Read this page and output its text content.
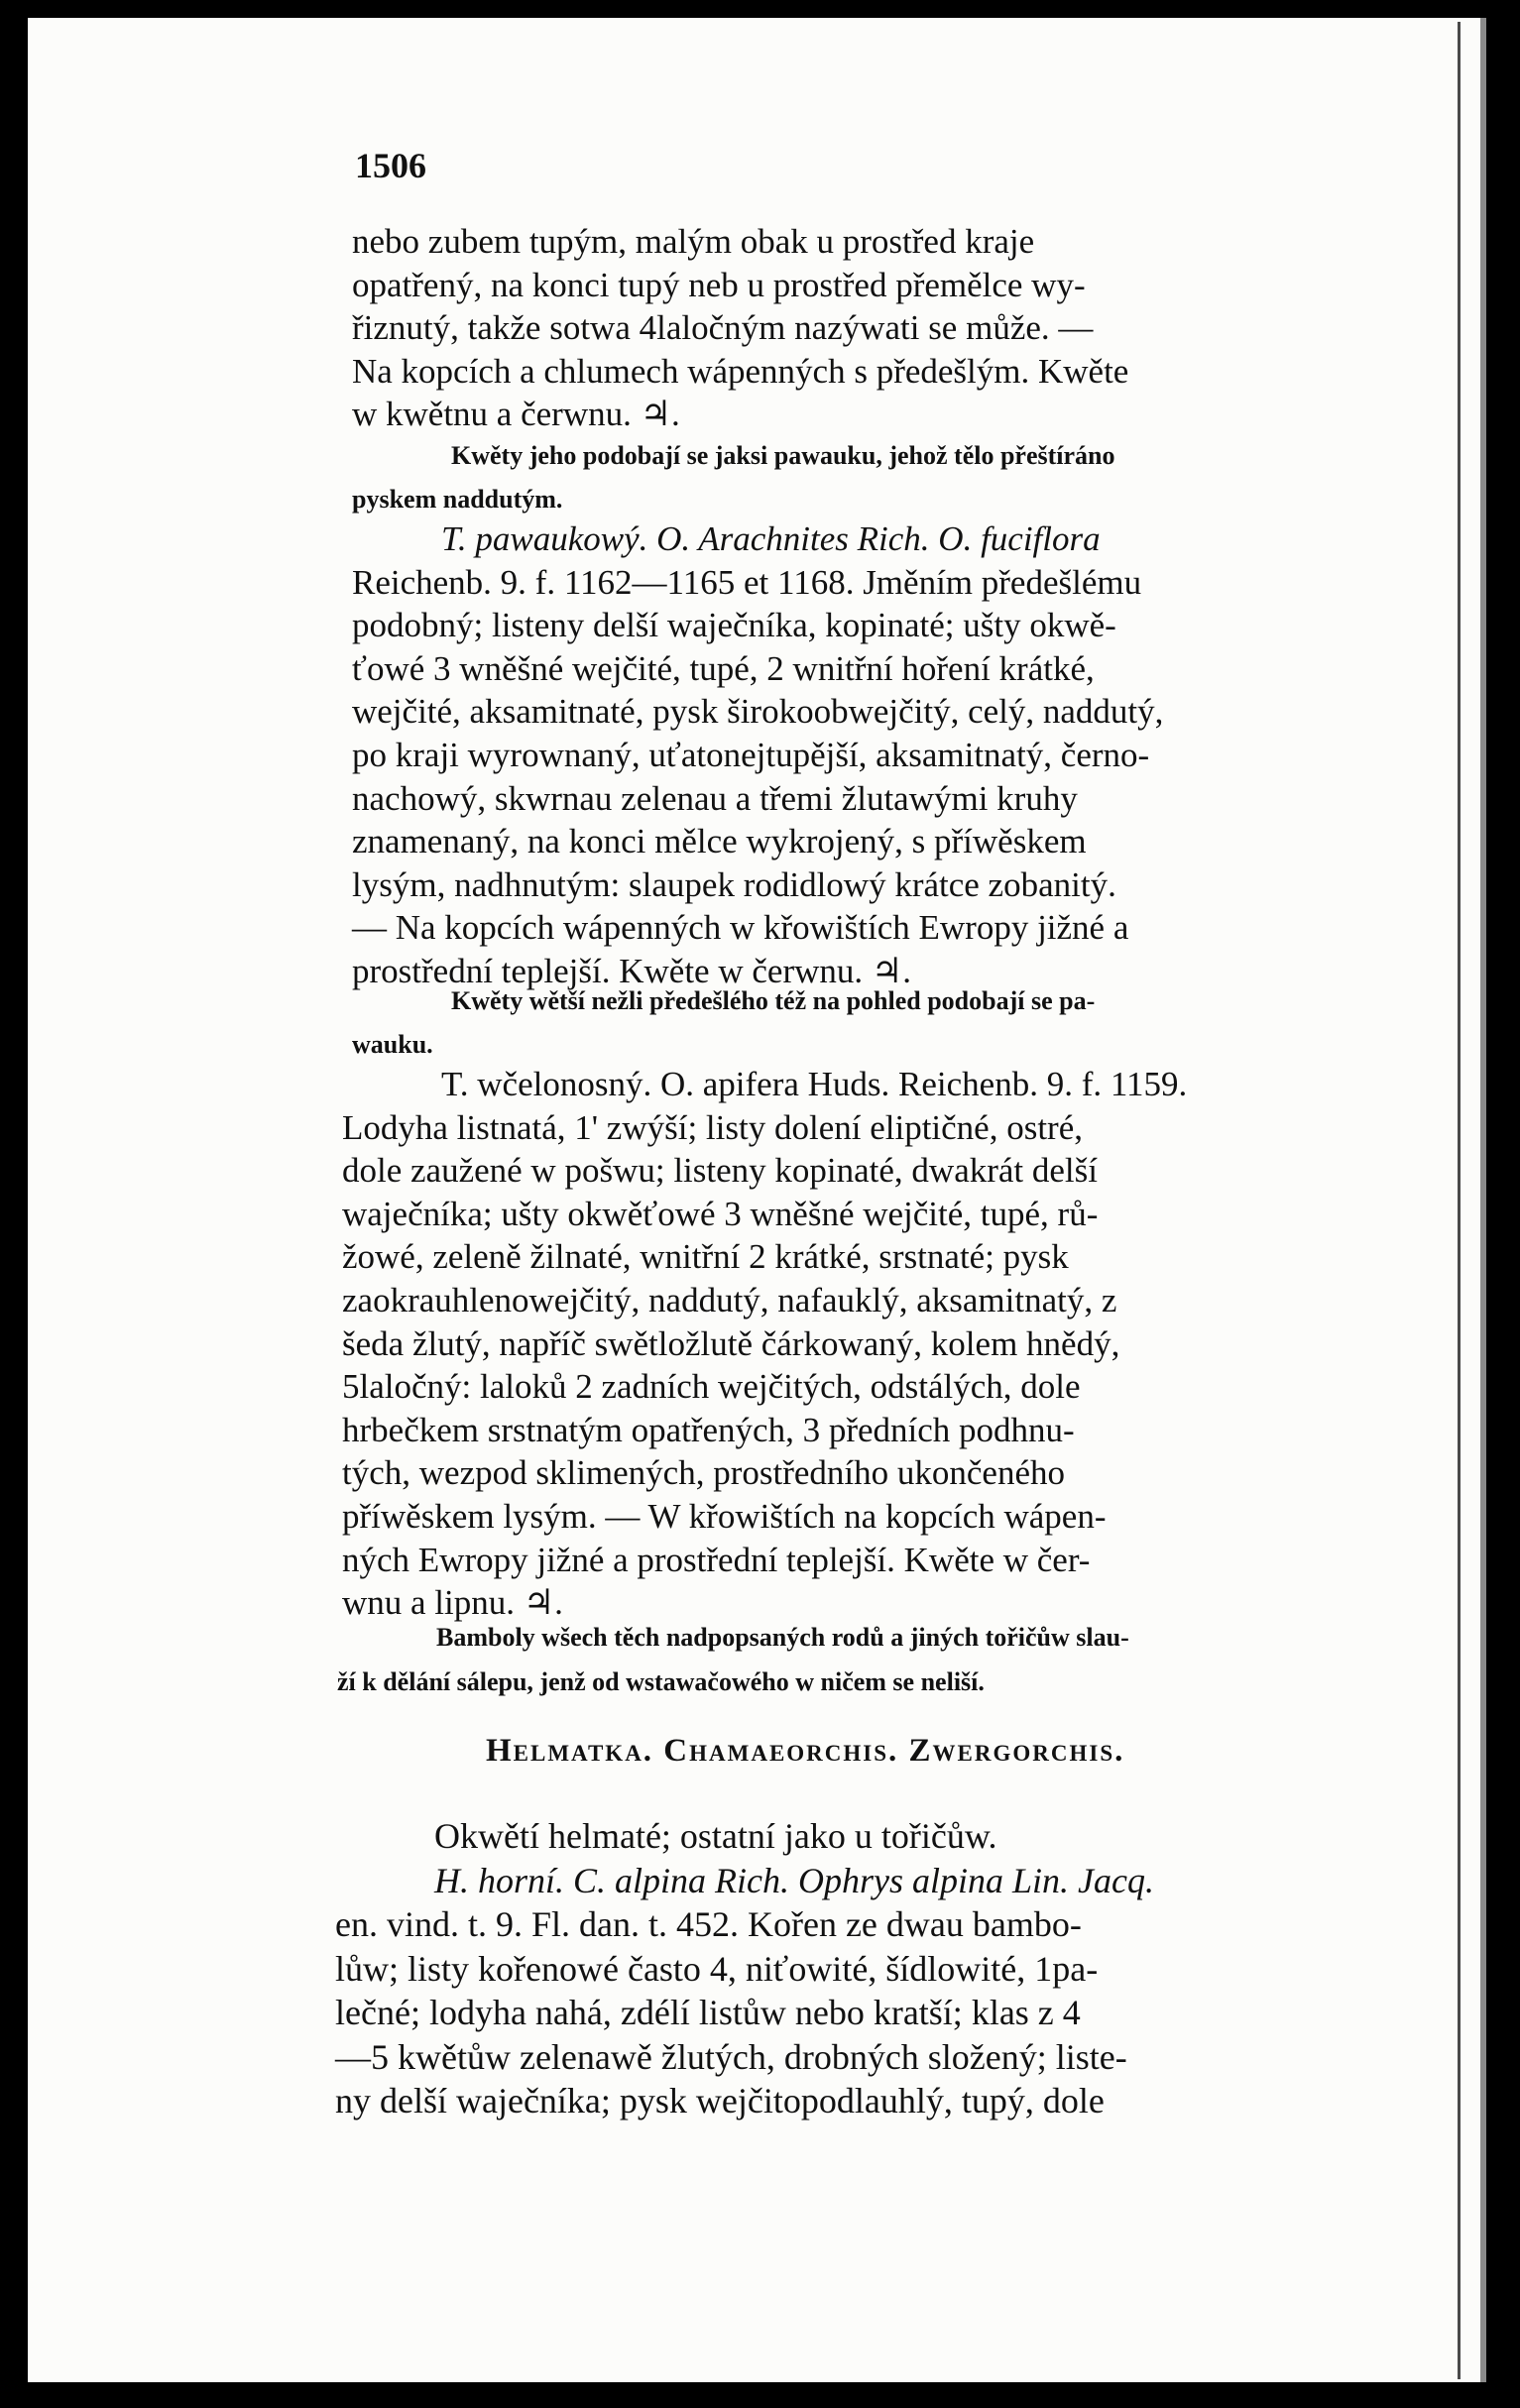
1506
nebo zubem tupým, malým obak u prostřed kraje
opatřený, na konci tupý neb u prostřed přemělce wy-
řiznutý, takže sotwa 4laločným nazýwati se může. —
Na kopcích a chlumech wápenných s předešlým. Kwěte
w kwětnu a čerwnu. ♃.
Kwěty jeho podobají se jaksi pawauku, jehož tělo přeštíráno
pyskem naddutým.
T. pawaukowý. O. Arachnites Rich. O. fuciflora
Reichenb. 9. f. 1162—1165 et 1168. Jměním předešlému
podobný; listeny delší waječníka, kopinaté; ušty okwě-
ťowé 3 wněšné wejčité, tupé, 2 wnitřní hoření krátké,
wejčité, aksamitnaté, pysk širokoobwejčitý, celý, naddutý,
po kraji wyrownaný, uťatonejtupější, aksamitnatý, černo-
nachowý, skwrnau zelenau a třemi žlutawými kruhy
znamenaný, na konci mělce wykrojený, s příwěskem
lysým, nadhnutým: slaupek rodidlowý krátce zobanitý.
— Na kopcích wápenných w křowištích Ewropy jižné a
prostřední teplejší. Kwěte w čerwnu. ♃.
Kwěty wětší nežli předešlého též na pohled podobají se pa-
wauku.
T. wčelonosný. O. apifera Huds. Reichenb. 9. f. 1159.
Lodyha listnatá, 1' zwýší; listy dolení eliptičné, ostré,
dole zaužené w pošwu; listeny kopinaté, dwakrát delší
waječníka; ušty okwěťowé 3 wněšné wejčité, tupé, rů-
žowé, zeleně žilnaté, wnitřní 2 krátké, srstnaté; pysk
zaokrauhlenowejčitý, naddutý, nafauklý, aksamitnatý, z
šeda žlutý, napříč swětložlutě čárkowaný, kolem hnědý,
5laločný: laloků 2 zadních wejčitých, odstálých, dole
hrbečkem srstnatým opatřených, 3 předních podhnu-
tých, wezpod sklimených, prostředního ukončeného
příwěskem lysým. — W křowištích na kopcích wápen-
ných Ewropy jižné a prostřední teplejší. Kwěte w čer-
wnu a lipnu. ♃.
Bamboly wšech těch nadpopsaných rodů a jiných tořičůw slau-
ží k dělání sálepu, jenž od wstawačowého w ničem se neliší.
Helmatka. Chamaeorchis. Zwergorchis.
Okwětí helmaté; ostatní jako u tořičůw.
H. horní. C. alpina Rich. Ophrys alpina Lin. Jacq.
en. vind. t. 9. Fl. dan. t. 452. Kořen ze dwau bambo-
lůw; listy kořenowé často 4, niťowité, šídlowité, 1pa-
lečné; lodyha nahá, zdélí listůw nebo kratší; klas z 4
—5 kwětůw zelenawě žlutých, drobných složený; listе-
ny delší waječníka; pysk wejčitopodlauhlý, tupý, dole
